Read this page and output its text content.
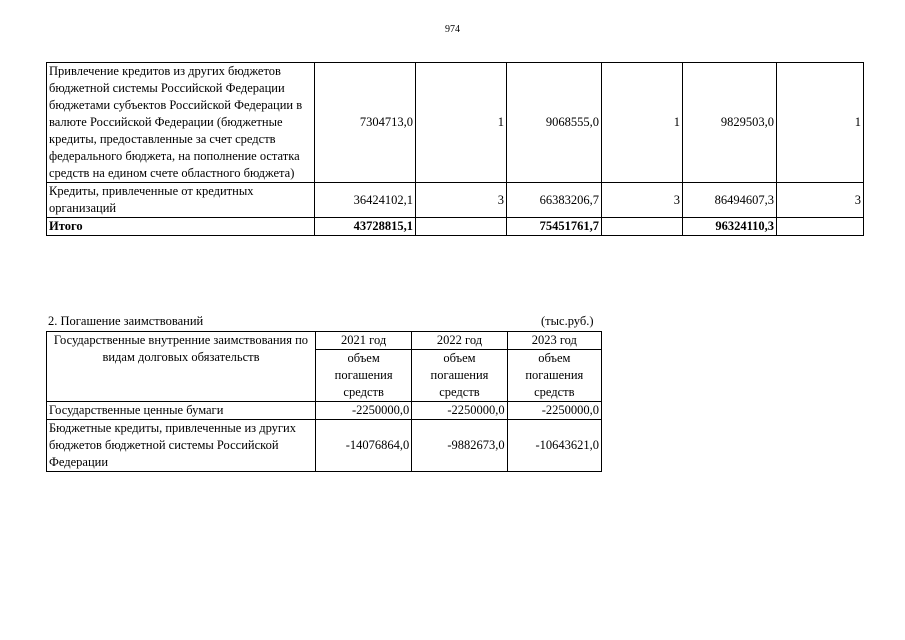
974
Привлечение кредитов из других бюджетов бюджетной системы Российской Федерации бюджетами субъектов Российской Федерации в валюте Российской Федерации (бюджетные кредиты, предоставленные за счет средств федерального бюджета, на пополнение остатка средств на едином счете областного бюджета)	7304713,0	1	9068555,0	1	9829503,0	1
Кредиты, привлеченные от кредитных организаций	36424102,1	3	66383206,7	3	86494607,3	3
Итого	43728815,1		75451761,7		96324110,3	
2. Погашение заимствований	(тыс.руб.)
Государственные внутренние заимствования по видам долговых обязательств	2021 год	2022 год	2023 год
	объем погашения средств	объем погашения средств	объем погашения средств
Государственные ценные бумаги	-2250000,0	-2250000,0	-2250000,0
Бюджетные кредиты, привлеченные из других бюджетов бюджетной системы Российской Федерации	-14076864,0	-9882673,0	-10643621,0
